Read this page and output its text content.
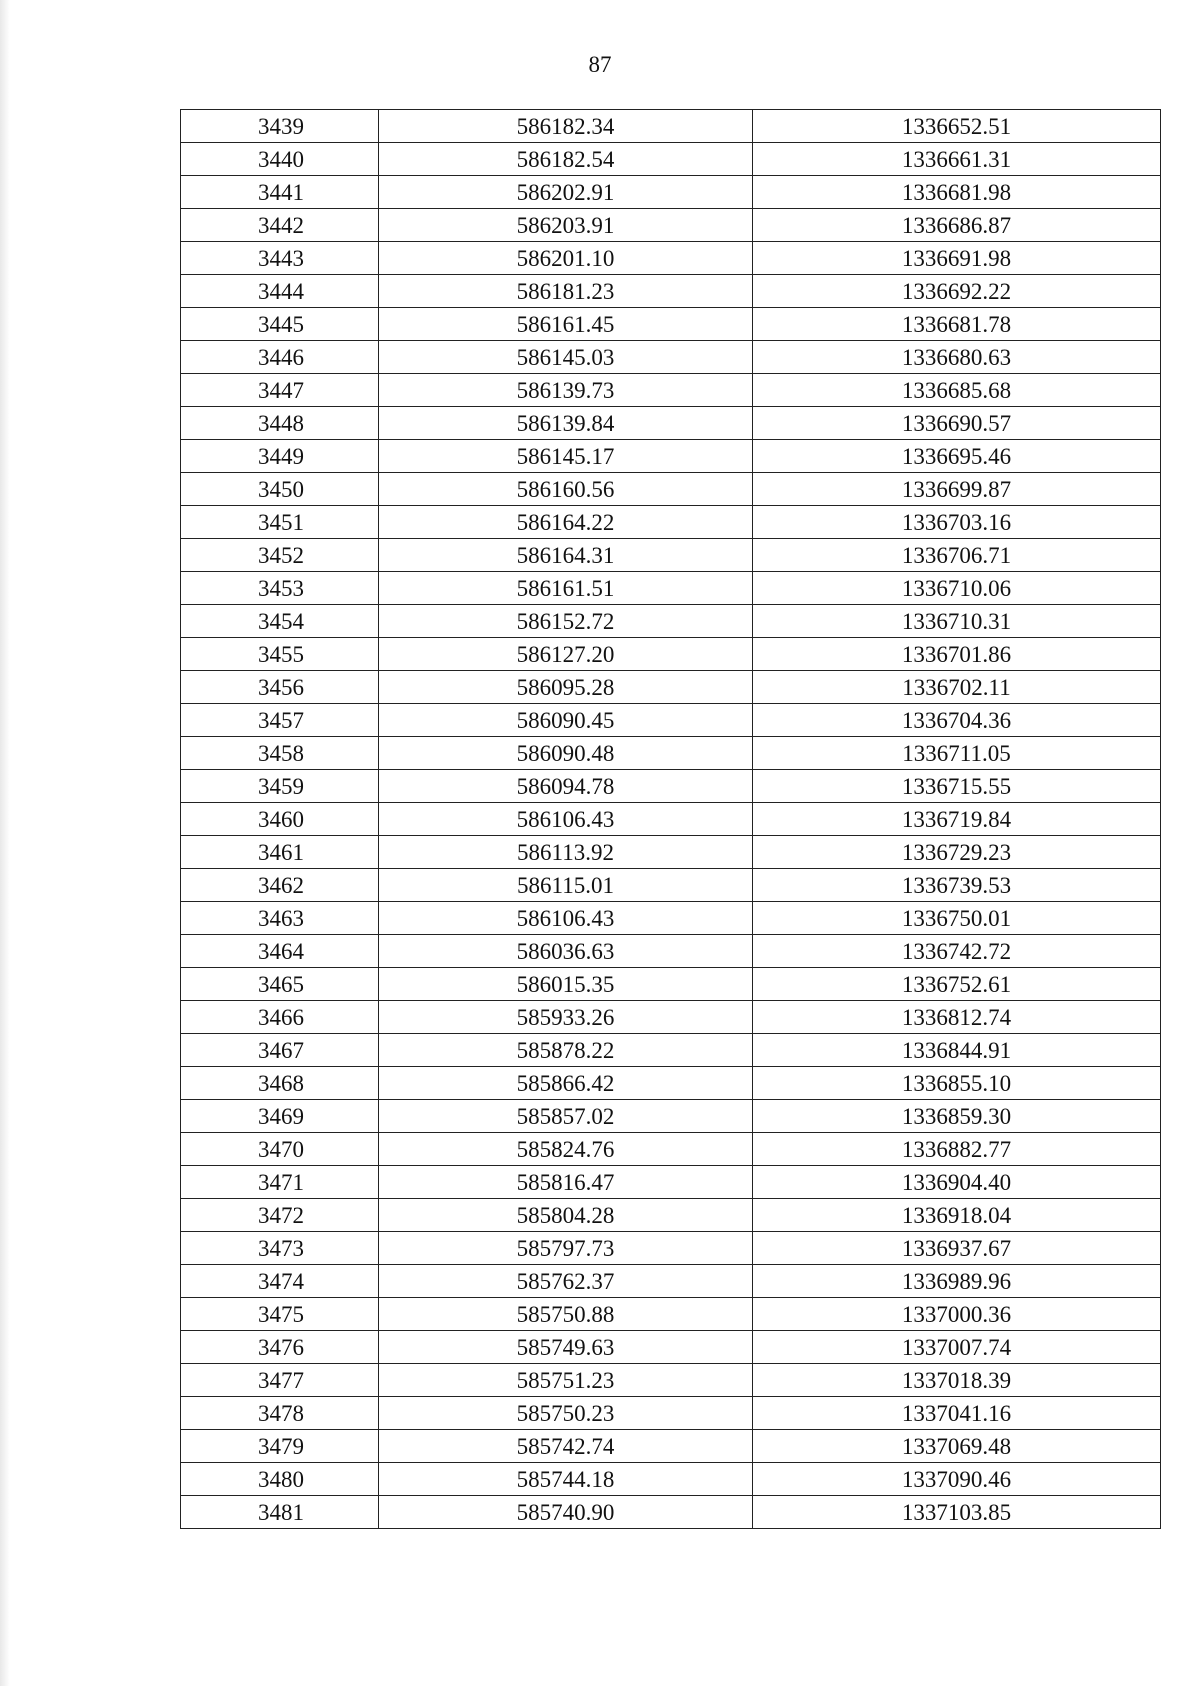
87
3439	586182.34	1336652.51
3440	586182.54	1336661.31
3441	586202.91	1336681.98
3442	586203.91	1336686.87
3443	586201.10	1336691.98
3444	586181.23	1336692.22
3445	586161.45	1336681.78
3446	586145.03	1336680.63
3447	586139.73	1336685.68
3448	586139.84	1336690.57
3449	586145.17	1336695.46
3450	586160.56	1336699.87
3451	586164.22	1336703.16
3452	586164.31	1336706.71
3453	586161.51	1336710.06
3454	586152.72	1336710.31
3455	586127.20	1336701.86
3456	586095.28	1336702.11
3457	586090.45	1336704.36
3458	586090.48	1336711.05
3459	586094.78	1336715.55
3460	586106.43	1336719.84
3461	586113.92	1336729.23
3462	586115.01	1336739.53
3463	586106.43	1336750.01
3464	586036.63	1336742.72
3465	586015.35	1336752.61
3466	585933.26	1336812.74
3467	585878.22	1336844.91
3468	585866.42	1336855.10
3469	585857.02	1336859.30
3470	585824.76	1336882.77
3471	585816.47	1336904.40
3472	585804.28	1336918.04
3473	585797.73	1336937.67
3474	585762.37	1336989.96
3475	585750.88	1337000.36
3476	585749.63	1337007.74
3477	585751.23	1337018.39
3478	585750.23	1337041.16
3479	585742.74	1337069.48
3480	585744.18	1337090.46
3481	585740.90	1337103.85
